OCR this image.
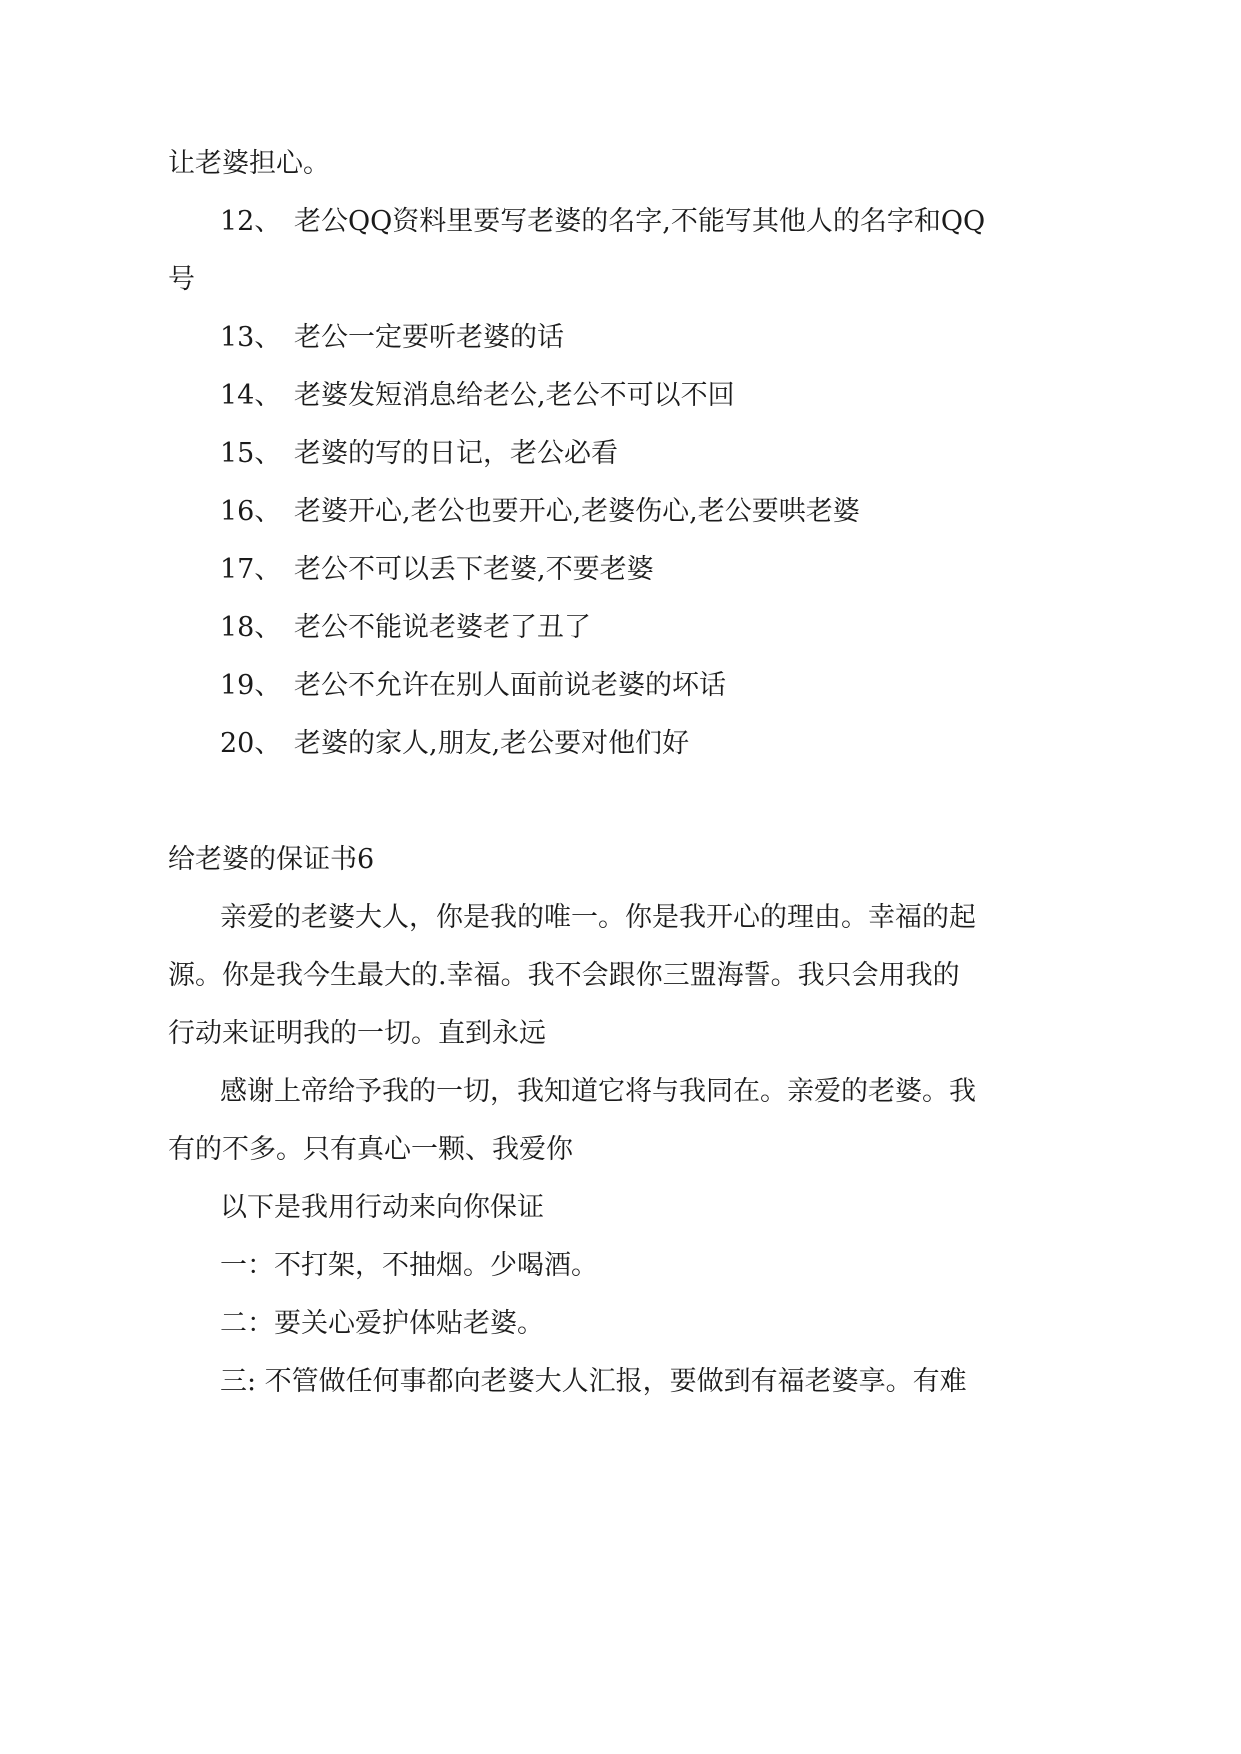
让老婆担心。
12、 老公QQ资料里要写老婆的名字,不能写其他人的名字和QQ
号
13、 老公一定要听老婆的话
14、 老婆发短消息给老公,老公不可以不回
15、 老婆的写的日记，老公必看
16、 老婆开心,老公也要开心,老婆伤心,老公要哄老婆
17、 老公不可以丢下老婆,不要老婆
18、 老公不能说老婆老了丑了
19、 老公不允许在别人面前说老婆的坏话
20、 老婆的家人,朋友,老公要对他们好
给老婆的保证书6
亲爱的老婆大人，你是我的唯一。你是我开心的理由。幸福的起
源。你是我今生最大的.幸福。我不会跟你三盟海誓。我只会用我的
行动来证明我的一切。直到永远
感谢上帝给予我的一切，我知道它将与我同在。亲爱的老婆。我
有的不多。只有真心一颗、我爱你
以下是我用行动来向你保证
一：不打架，不抽烟。少喝酒。
二：要关心爱护体贴老婆。
三: 不管做任何事都向老婆大人汇报，要做到有福老婆享。有难
